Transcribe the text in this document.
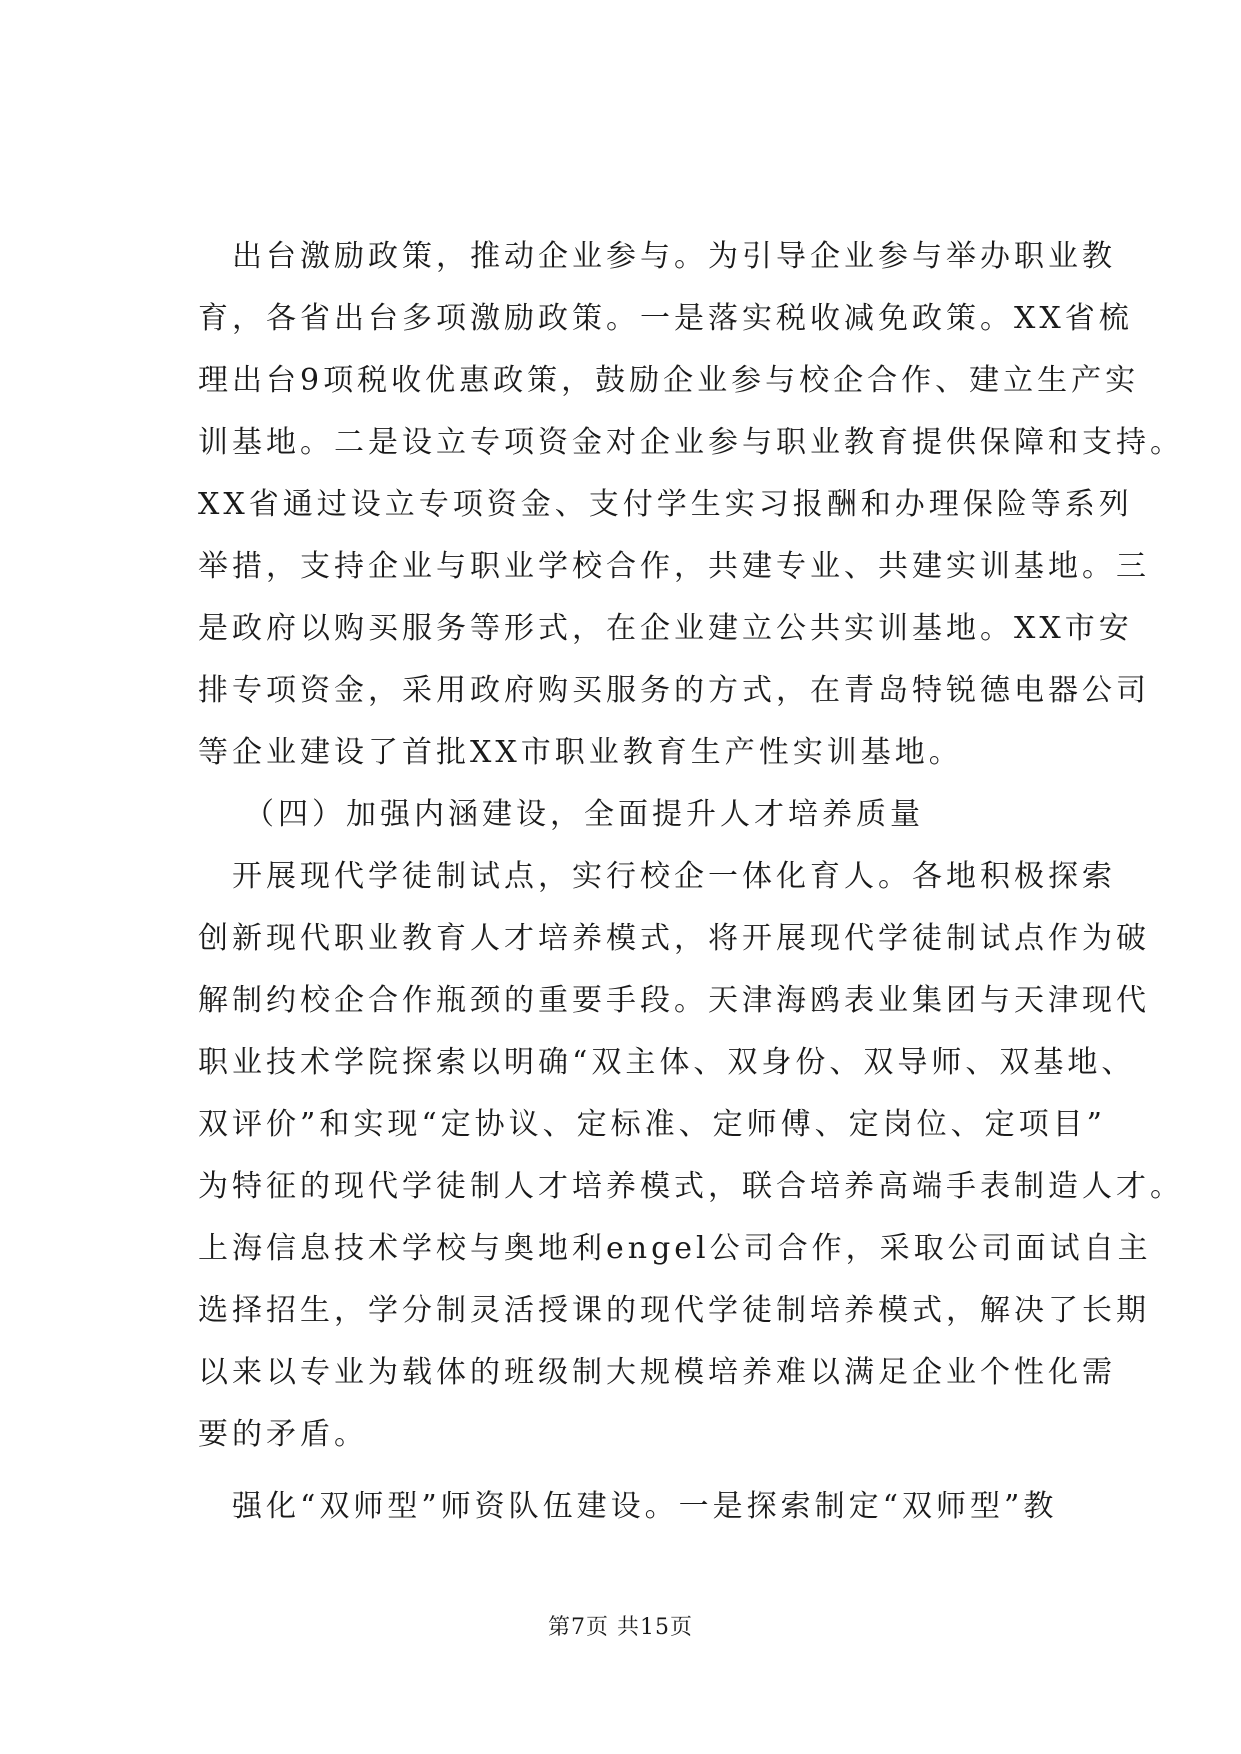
出台激励政策，推动企业参与。为引导企业参与举办职业教
育，各省出台多项激励政策。一是落实税收减免政策。XX省梳
理出台9项税收优惠政策，鼓励企业参与校企合作、建立生产实
训基地。二是设立专项资金对企业参与职业教育提供保障和支持。
XX省通过设立专项资金、支付学生实习报酬和办理保险等系列
举措，支持企业与职业学校合作，共建专业、共建实训基地。三
是政府以购买服务等形式，在企业建立公共实训基地。XX市安
排专项资金，采用政府购买服务的方式，在青岛特锐德电器公司
等企业建设了首批XX市职业教育生产性实训基地。
（四）加强内涵建设，全面提升人才培养质量
开展现代学徒制试点，实行校企一体化育人。各地积极探索
创新现代职业教育人才培养模式，将开展现代学徒制试点作为破
解制约校企合作瓶颈的重要手段。天津海鸥表业集团与天津现代
职业技术学院探索以明确“双主体、双身份、双导师、双基地、
双评价”和实现“定协议、定标准、定师傅、定岗位、定项目”
为特征的现代学徒制人才培养模式，联合培养高端手表制造人才。
上海信息技术学校与奥地利engel公司合作，采取公司面试自主
选择招生，学分制灵活授课的现代学徒制培养模式，解决了长期
以来以专业为载体的班级制大规模培养难以满足企业个性化需
要的矛盾。
强化“双师型”师资队伍建设。一是探索制定“双师型”教
第7页 共15页
